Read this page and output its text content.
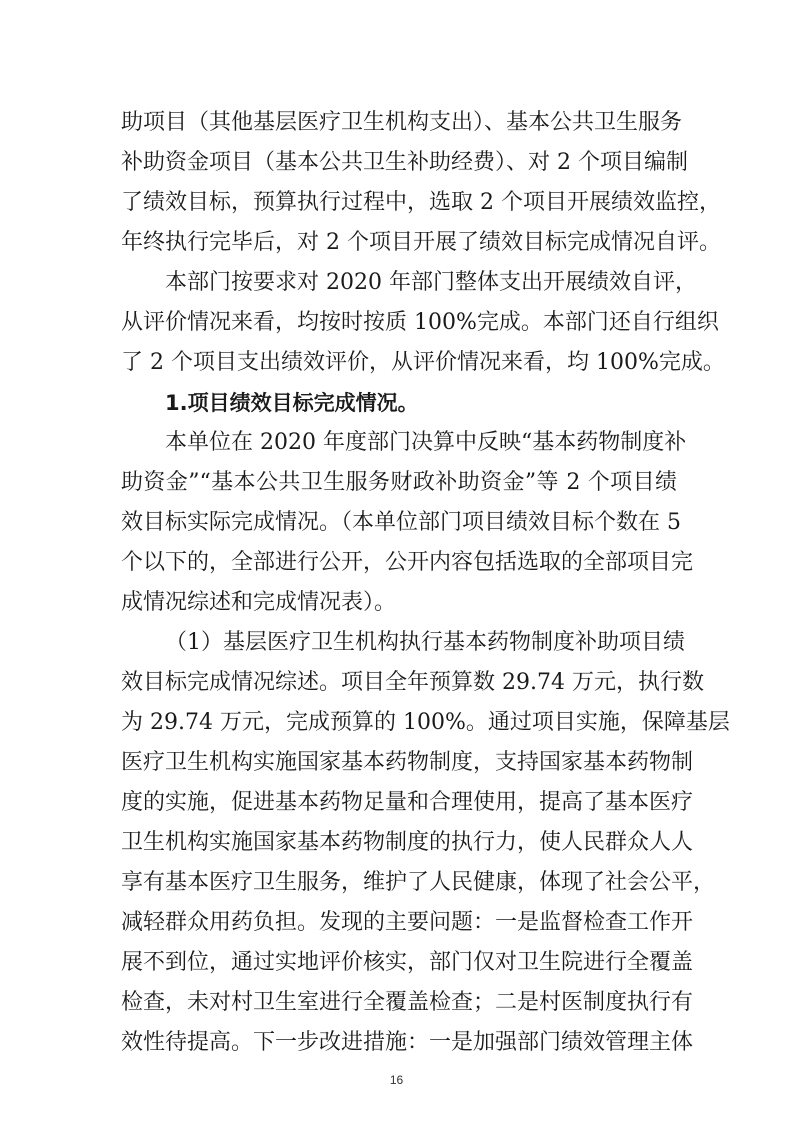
助项目（其他基层医疗卫生机构支出）、基本公共卫生服务
补助资金项目（基本公共卫生补助经费）、对 2 个项目编制
了绩效目标，预算执行过程中，选取 2 个项目开展绩效监控，
年终执行完毕后，对 2 个项目开展了绩效目标完成情况自评。
本部门按要求对 2020 年部门整体支出开展绩效自评，
从评价情况来看，均按时按质 100%完成。本部门还自行组织
了 2 个项目支出绩效评价，从评价情况来看，均 100%完成。
1.项目绩效目标完成情况。
本单位在 2020 年度部门决算中反映“基本药物制度补
助资金”“基本公共卫生服务财政补助资金”等 2 个项目绩
效目标实际完成情况。（本单位部门项目绩效目标个数在 5
个以下的，全部进行公开，公开内容包括选取的全部项目完
成情况综述和完成情况表）。
（1）基层医疗卫生机构执行基本药物制度补助项目绩
效目标完成情况综述。项目全年预算数 29.74 万元，执行数
为 29.74 万元，完成预算的 100%。通过项目实施，保障基层
医疗卫生机构实施国家基本药物制度，支持国家基本药物制
度的实施，促进基本药物足量和合理使用，提高了基本医疗
卫生机构实施国家基本药物制度的执行力，使人民群众人人
享有基本医疗卫生服务，维护了人民健康，体现了社会公平，
减轻群众用药负担。发现的主要问题：一是监督检查工作开
展不到位，通过实地评价核实，部门仅对卫生院进行全覆盖
检查，未对村卫生室进行全覆盖检查；二是村医制度执行有
效性待提高。下一步改进措施：一是加强部门绩效管理主体
16
